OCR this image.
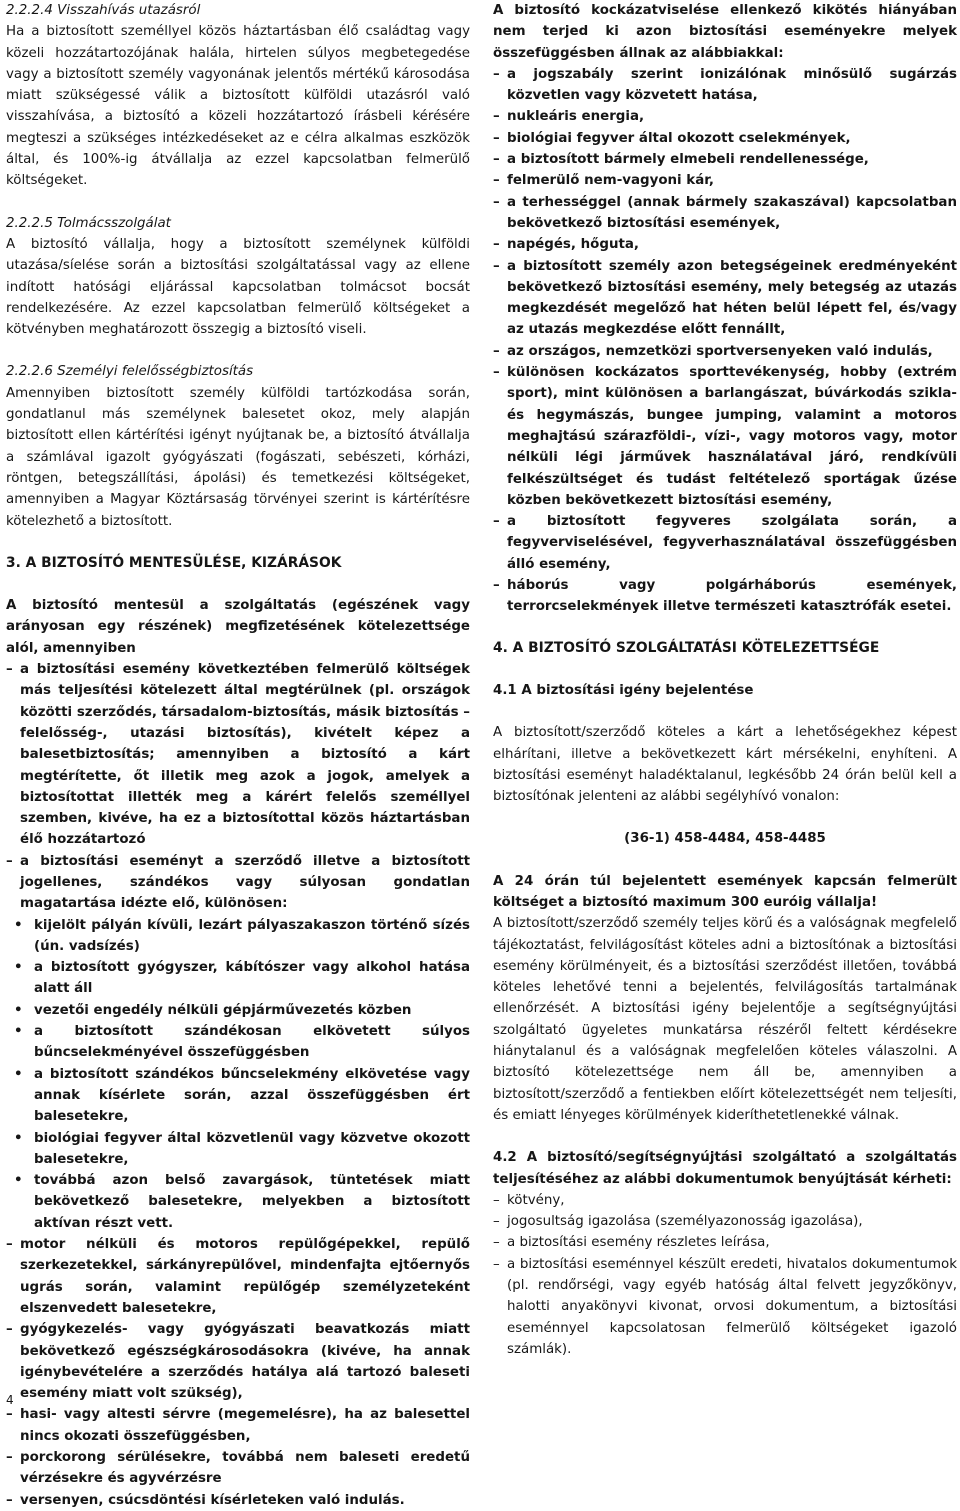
2.2.2.4 Visszahívás utazásról

Ha a biztosított személlyel közös háztartásban élő családtag vagy közeli hozzátartozójának halála, hirtelen súlyos megbetegedése vagy a biztosított személy vagyonának jelentős mértékű károsodása miatt szükségessé válik a biztosított külföldi utazásról való visszahívása, a biztosító a közeli hozzátartozó írásbeli kérésére megteszi a szükséges intézkedéseket az e célra alkalmas eszközök által, és 100%-ig átvállalja az ezzel kapcsolatban felmerülő költségeket.

2.2.2.5 Tolmácsszolgálat

A biztosító vállalja, hogy a biztosított személynek külföldi utazása/síelése során a biztosítási szolgáltatással vagy az ellene indított hatósági eljárással kapcsolatban tolmácsot bocsát rendelkezésére. Az ezzel kapcsolatban felmerülő költségeket a kötvényben meghatározott összegig a biztosító viseli.

2.2.2.6 Személyi felelősségbiztosítás

Amennyiben biztosított személy külföldi tartózkodása során, gondatlanul más személynek balesetet okoz, mely alapján biztosított ellen kártérítési igényt nyújtanak be, a biztosító átvállalja a számlával igazolt gyógyászati (fogászati, sebészeti, kórházi, röntgen, betegszállítási, ápolási) és temetkezési költségeket, amennyiben a Magyar Köztársaság törvényei szerint is kártérítésre kötelezhető a biztosított.

3. A BIZTOSÍTÓ MENTESÜLÉSE, KIZÁRÁSOK

A biztosító mentesül a szolgáltatás (egészének vagy arányosan egy részének) megfizetésének kötelezettsége alól, amennyiben

– a biztosítási esemény következtében felmerülő költségek más teljesítési kötelezett által megtérülnek (pl. országok közötti szerződés, társadalom-biztosítás, másik biztosítás – felelősség-, utazási biztosítás), kivételt képez a balesetbiztosítás; amennyiben a biztosító a kárt megtérítette, őt illetik meg azok a jogok, amelyek a biztosítottat illették meg a kárért felelős személlyel szemben, kivéve, ha ez a biztosítottal közös háztartásban élő hozzátartozó
– a biztosítási eseményt a szerződő illetve a biztosított jogellenes, szándékos vagy súlyosan gondatlan magatartása idézte elő, különösen:
• kijelölt pályán kívüli, lezárt pályaszakaszon történő sízés (ún. vadsízés)
• a biztosított gyógyszer, kábítószer vagy alkohol hatása alatt áll
• vezetői engedély nélküli gépjárművezetés közben
• a biztosított szándékosan elkövetett súlyos bűncselekményével összefüggésben
• a biztosított szándékos bűncselekmény elkövetése vagy annak kísérlete során, azzal összefüggésben ért balesetekre,
• biológiai fegyver által közvetlenül vagy közvetve okozott balesetekre,
• továbbá azon belső zavargások, tüntetések miatt bekövetkező balesetekre, melyekben a biztosított aktívan részt vett.
– motor nélküli és motoros repülőgépekkel, repülő szerkezetekkel, sárkányrepülővel, mindenfajta ejtőernyős ugrás során, valamint repülőgép személyzeteként elszenvedett balesetekre,
– gyógykezelés- vagy gyógyászati beavatkozás miatt bekövetkező egészségkárosodásokra (kivéve, ha annak igénybevételére a szerződés hatálya alá tartozó baleseti esemény miatt volt szükség),
– hasi- vagy altesti sérvre (megemelésre), ha az balesettel nincs okozati összefüggésben,
– porckorong sérülésekre, továbbá nem baleseti eredetű vérzésekre és agyvérzésre
– versenyen, csúcsdöntési kísérleteken való indulás.

A biztosító kockázatviselése ellenkező kikötés hiányában nem terjed ki azon biztosítási eseményekre melyek összefüggésben állnak az alábbiakkal:

– a jogszabály szerint ionizálónak minősülő sugárzás közvetlen vagy közvetett hatása,
– nukleáris energia,
– biológiai fegyver által okozott cselekmények,
– a biztosított bármely elmebeli rendellenessége,
– felmerülő nem-vagyoni kár,
– a terhességgel (annak bármely szakaszával) kapcsolatban bekövetkező biztosítási események,
– napégés, hőguta,
– a biztosított személy azon betegségeinek eredményeként bekövetkező biztosítási esemény, mely betegség az utazás megkezdését megelőző hat héten belül lépett fel, és/vagy az utazás megkezdése előtt fennállt,
– az országos, nemzetközi sportversenyeken való indulás,
– különösen kockázatos sporttevékenység, hobby (extrém sport), mint különösen a barlangászat, búvárkodás szikla- és hegymászás, bungee jumping, valamint a motoros meghajtású szárazföldi-, vízi-, vagy motoros vagy, motor nélküli légi járművek használatával járó, rendkívüli felkészültséget és tudást feltételező sportágak űzése közben bekövetkezett biztosítási esemény,
– a biztosított fegyveres szolgálata során, a fegyverviselésével, fegyverhasználatával összefüggésben álló esemény,
– háborús vagy polgárháborús események, terrorcselekmények illetve természeti katasztrófák esetei.

4. A BIZTOSÍTÓ SZOLGÁLTATÁSI KÖTELEZETTSÉGE

4.1 A biztosítási igény bejelentése

A biztosított/szerződő köteles a kárt a lehetőségekhez képest elhárítani, illetve a bekövetkezett kárt mérsékelni, enyhíteni. A biztosítási eseményt haladéktalanul, legkésőbb 24 órán belül kell a biztosítónak jelenteni az alábbi segélyhívó vonalon:

(36-1) 458-4484, 458-4485

A 24 órán túl bejelentett események kapcsán felmerült költséget a biztosító maximum 300 euróig vállalja!

A biztosított/szerződő személy teljes körű és a valóságnak megfelelő tájékoztatást, felvilágosítást köteles adni a biztosítónak a biztosítási esemény körülményeit, és a biztosítási szerződést illetően, továbbá köteles lehetővé tenni a bejelentés, felvilágosítás tartalmának ellenőrzését. A biztosítási igény bejelentője a segítségnyújtási szolgáltató ügyeletes munkatársa részéről feltett kérdésekre hiánytalanul és a valóságnak megfelelően köteles válaszolni. A biztosító kötelezettsége nem áll be, amennyiben a biztosított/szerződő a fentiekben előírt kötelezettségét nem teljesíti, és emiatt lényeges körülmények kideríthetetlenekké válnak.

4.2 A biztosító/segítségnyújtási szolgáltató a szolgáltatás teljesítéséhez az alábbi dokumentumok benyújtását kérheti:

– kötvény,
– jogosultság igazolása (személyazonosság igazolása),
– a biztosítási esemény részletes leírása,
– a biztosítási eseménnyel készült eredeti, hivatalos dokumentumok (pl. rendőrségi, vagy egyéb hatóság által felvett jegyzőkönyv, halotti anyakönyvi kivonat, orvosi dokumentum, a biztosítási eseménnyel kapcsolatosan felmerülő költségeket igazoló számlák).
4
